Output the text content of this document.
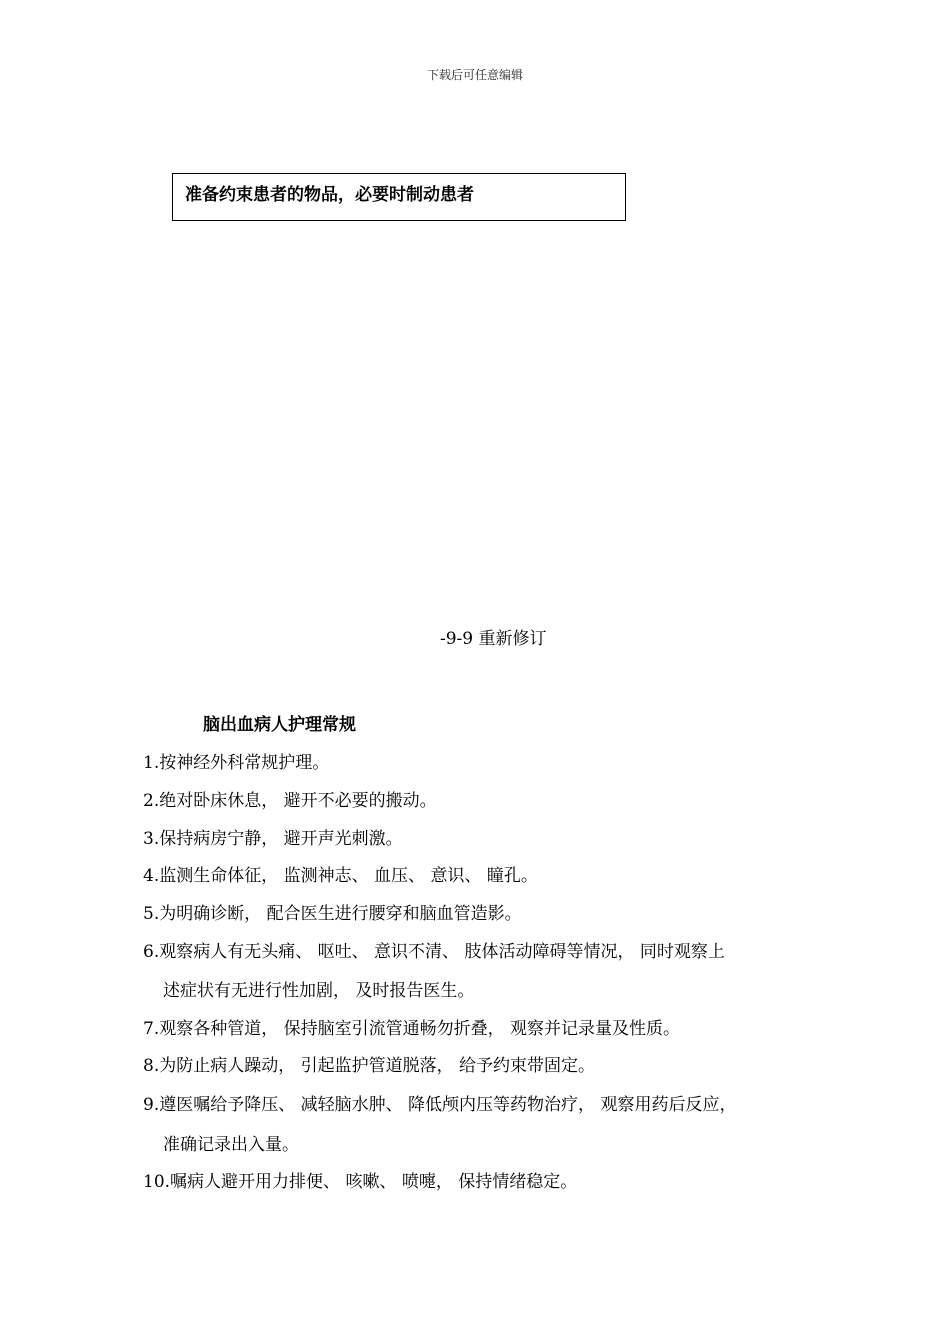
下载后可任意编辑
准备约束患者的物品，必要时制动患者
-9-9 重新修订
脑出血病人护理常规
1.按神经外科常规护理。
2.绝对卧床休息， 避开不必要的搬动。
3.保持病房宁静， 避开声光刺激。
4.监测生命体征， 监测神志、 血压、 意识、 瞳孔。
5.为明确诊断， 配合医生进行腰穿和脑血管造影。
6.观察病人有无头痛、 呕吐、 意识不清、 肢体活动障碍等情况， 同时观察上
述症状有无进行性加剧， 及时报告医生。
7.观察各种管道， 保持脑室引流管通畅勿折叠， 观察并记录量及性质。
8.为防止病人躁动， 引起监护管道脱落， 给予约束带固定。
9.遵医嘱给予降压、 减轻脑水肿、 降低颅内压等药物治疗， 观察用药后反应，
准确记录出入量。
10.嘱病人避开用力排便、 咳嗽、 喷嚏， 保持情绪稳定。
